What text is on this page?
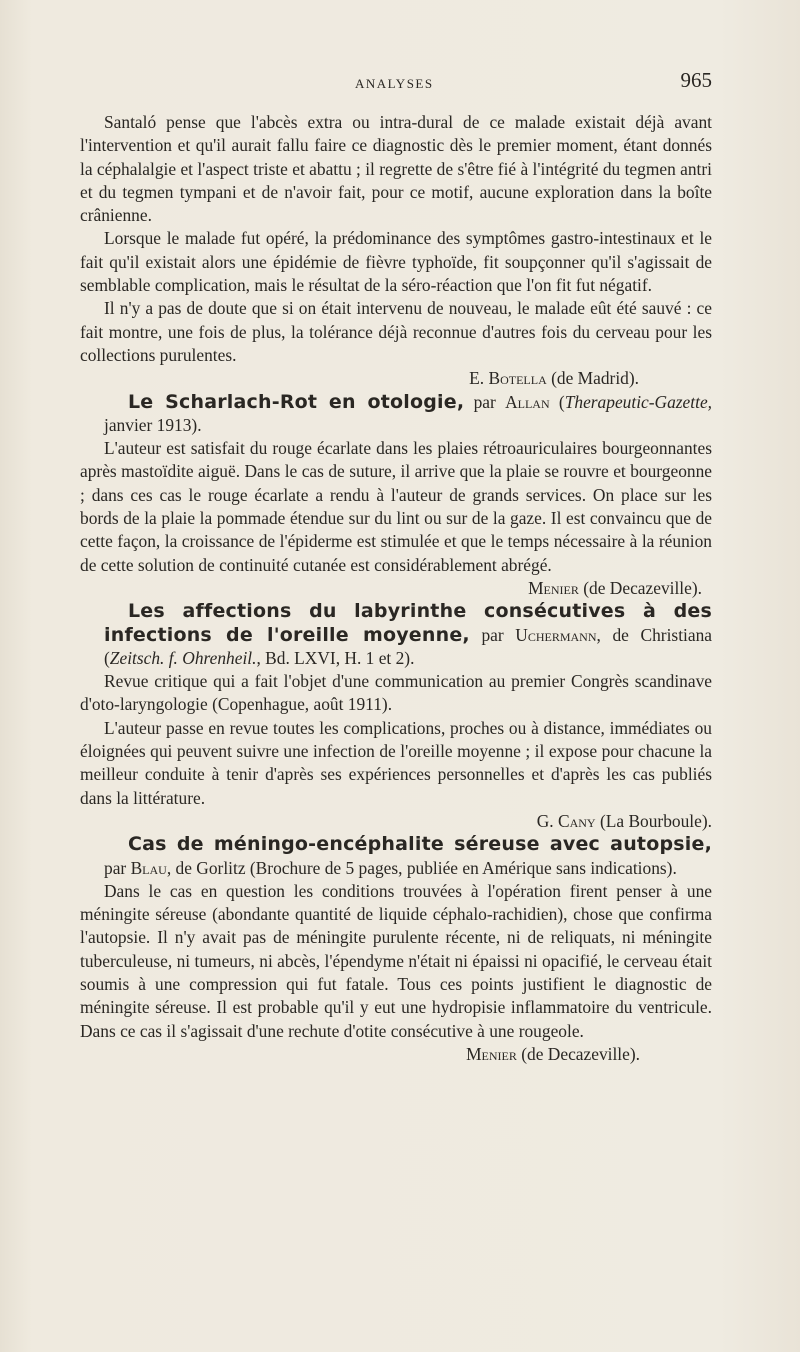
ANALYSES	965

Santaló pense que l'abcès extra ou intra-dural de ce malade existait déjà avant l'intervention et qu'il aurait fallu faire ce diagnostic dès le premier moment, étant donnés la céphalalgie et l'aspect triste et abattu ; il regrette de s'être fié à l'intégrité du tegmen antri et du tegmen tympani et de n'avoir fait, pour ce motif, aucune exploration dans la boîte crânienne.

Lorsque le malade fut opéré, la prédominance des symptômes gastro-intestinaux et le fait qu'il existait alors une épidémie de fièvre typhoïde, fit soupçonner qu'il s'agissait de semblable complication, mais le résultat de la séro-réaction que l'on fit fut négatif.

Il n'y a pas de doute que si on était intervenu de nouveau, le malade eût été sauvé : ce fait montre, une fois de plus, la tolérance déjà reconnue d'autres fois du cerveau pour les collections purulentes.

E. Botella (de Madrid).

Le Scharlach-Rot en otologie, par Allan (Therapeutic-Gazette, janvier 1913).

L'auteur est satisfait du rouge écarlate dans les plaies rétroauriculaires bourgeonnantes après mastoïdite aiguë. Dans le cas de suture, il arrive que la plaie se rouvre et bourgeonne ; dans ces cas le rouge écarlate a rendu à l'auteur de grands services. On place sur les bords de la plaie la pommade étendue sur du lint ou sur de la gaze. Il est convaincu que de cette façon, la croissance de l'épiderme est stimulée et que le temps nécessaire à la réunion de cette solution de continuité cutanée est considérablement abrégé.

Menier (de Decazeville).

Les affections du labyrinthe consécutives à des infections de l'oreille moyenne, par Uchermann, de Christiana (Zeitsch. f. Ohrenheil., Bd. LXVI, H. 1 et 2).

Revue critique qui a fait l'objet d'une communication au premier Congrès scandinave d'oto-laryngologie (Copenhague, août 1911).

L'auteur passe en revue toutes les complications, proches ou à distance, immédiates ou éloignées qui peuvent suivre une infection de l'oreille moyenne ; il expose pour chacune la meilleur conduite à tenir d'après ses expériences personnelles et d'après les cas publiés dans la littérature.

G. Cany (La Bourboule).

Cas de méningo-encéphalite séreuse avec autopsie, par Blau, de Gorlitz (Brochure de 5 pages, publiée en Amérique sans indications).

Dans le cas en question les conditions trouvées à l'opération firent penser à une méningite séreuse (abondante quantité de liquide céphalo-rachidien), chose que confirma l'autopsie. Il n'y avait pas de méningite purulente récente, ni de reliquats, ni méningite tuberculeuse, ni tumeurs, ni abcès, l'épendyme n'était ni épaissi ni opacifié, le cerveau était soumis à une compression qui fut fatale. Tous ces points justifient le diagnostic de méningite séreuse. Il est probable qu'il y eut une hydropisie inflammatoire du ventricule. Dans ce cas il s'agissait d'une rechute d'otite consécutive à une rougeole.

Menier (de Decazeville).
